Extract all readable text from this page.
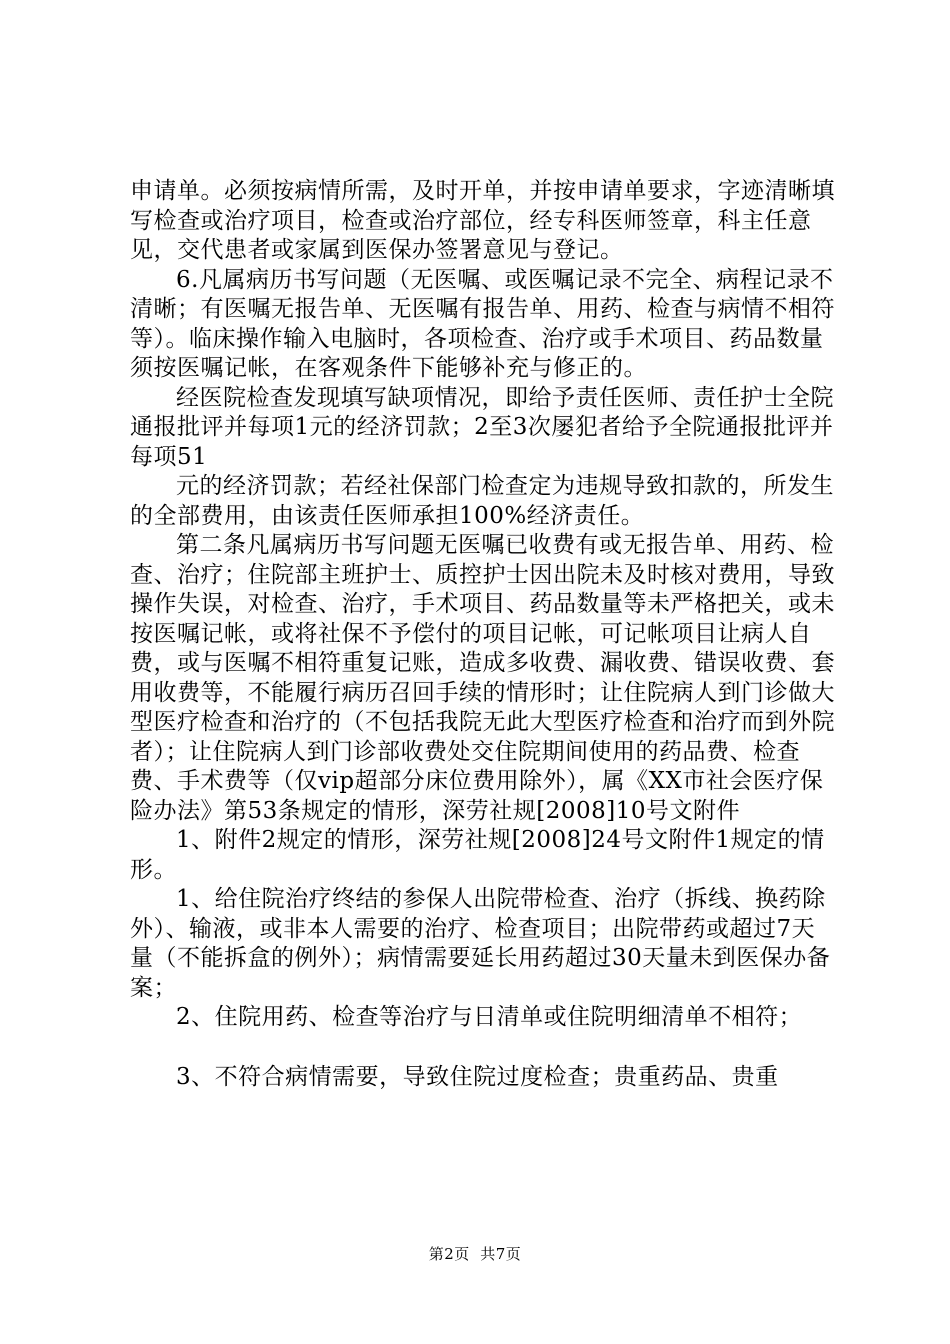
申请单。必须按病情所需，及时开单，并按申请单要求，字迹清晰填写检查或治疗项目，检查或治疗部位，经专科医师签章，科主任意见，交代患者或家属到医保办签署意见与登记。

6.凡属病历书写问题（无医嘱、或医嘱记录不完全、病程记录不清晰；有医嘱无报告单、无医嘱有报告单、用药、检查与病情不相符等）。临床操作输入电脑时，各项检查、治疗或手术项目、药品数量须按医嘱记帐，在客观条件下能够补充与修正的。

经医院检查发现填写缺项情况，即给予责任医师、责任护士全院通报批评并每项1元的经济罚款；2至3次屡犯者给予全院通报批评并每项51

元的经济罚款；若经社保部门检查定为违规导致扣款的，所发生的全部费用，由该责任医师承担100%经济责任。

第二条凡属病历书写问题无医嘱已收费有或无报告单、用药、检查、治疗；住院部主班护士、质控护士因出院未及时核对费用，导致操作失误，对检查、治疗，手术项目、药品数量等未严格把关，或未按医嘱记帐，或将社保不予偿付的项目记帐，可记帐项目让病人自费，或与医嘱不相符重复记账，造成多收费、漏收费、错误收费、套用收费等，不能履行病历召回手续的情形时；让住院病人到门诊做大型医疗检查和治疗的（不包括我院无此大型医疗检查和治疗而到外院者）；让住院病人到门诊部收费处交住院期间使用的药品费、检查费、手术费等（仅vip超部分床位费用除外），属《XX市社会医疗保险办法》第53条规定的情形，深劳社规[2008]10号文附件

1、附件2规定的情形，深劳社规[2008]24号文附件1规定的情形。

1、给住院治疗终结的参保人出院带检查、治疗（拆线、换药除外）、输液，或非本人需要的治疗、检查项目；出院带药或超过7天量（不能拆盒的例外）；病情需要延长用药超过30天量未到医保办备案；

2、住院用药、检查等治疗与日清单或住院明细清单不相符；

3、不符合病情需要，导致住院过度检查；贵重药品、贵重

第2页  共7页
